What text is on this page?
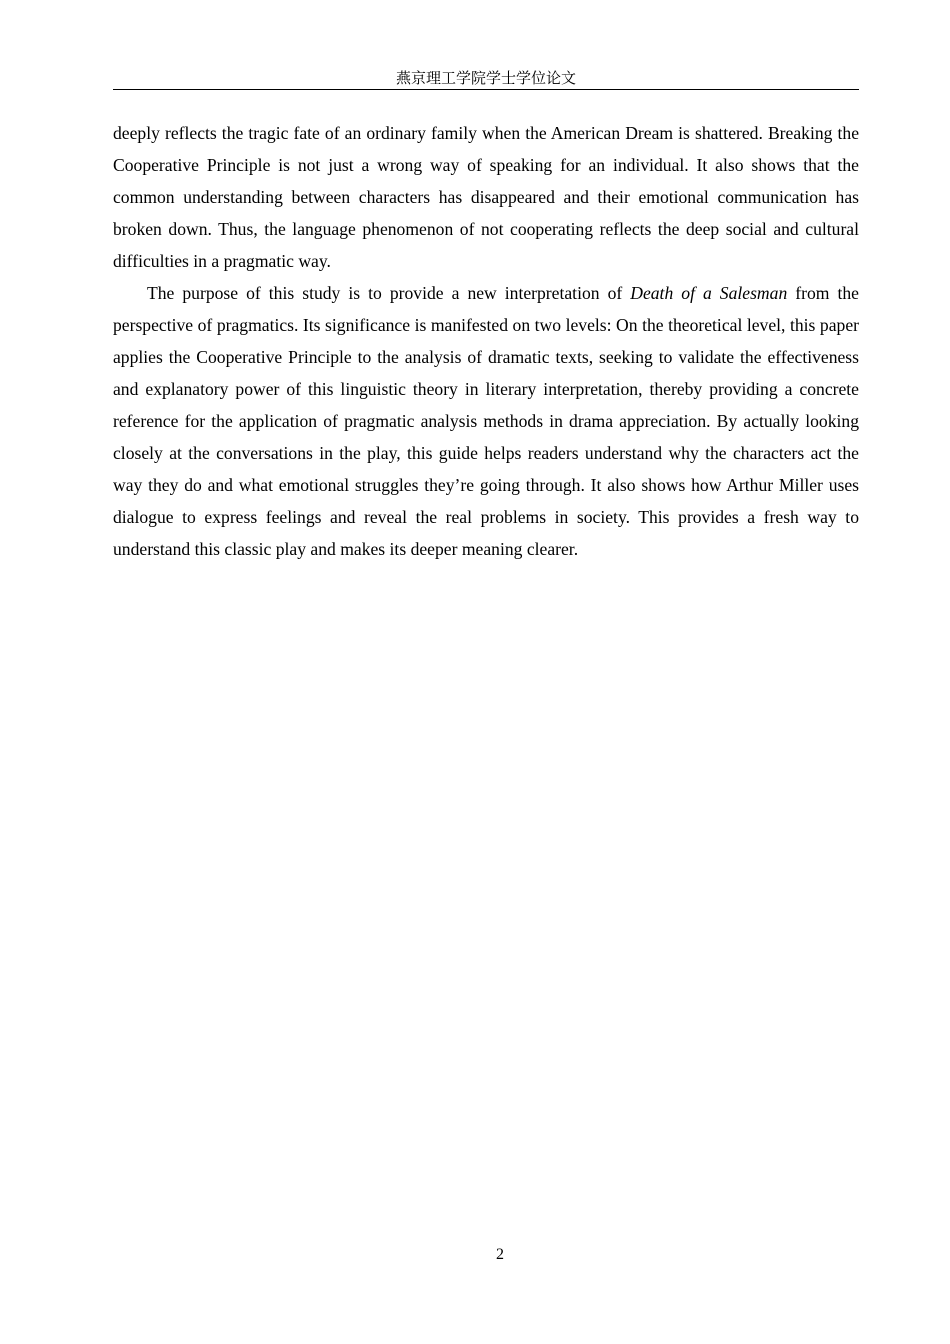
燕京理工学院学士学位论文

deeply reflects the tragic fate of an ordinary family when the American Dream is shattered. Breaking the Cooperative Principle is not just a wrong way of speaking for an individual. It also shows that the common understanding between characters has disappeared and their emotional communication has broken down. Thus, the language phenomenon of not cooperating reflects the deep social and cultural difficulties in a pragmatic way.

The purpose of this study is to provide a new interpretation of Death of a Salesman from the perspective of pragmatics. Its significance is manifested on two levels: On the theoretical level, this paper applies the Cooperative Principle to the analysis of dramatic texts, seeking to validate the effectiveness and explanatory power of this linguistic theory in literary interpretation, thereby providing a concrete reference for the application of pragmatic analysis methods in drama appreciation. By actually looking closely at the conversations in the play, this guide helps readers understand why the characters act the way they do and what emotional struggles they’re going through. It also shows how Arthur Miller uses dialogue to express feelings and reveal the real problems in society. This provides a fresh way to understand this classic play and makes its deeper meaning clearer.

2
